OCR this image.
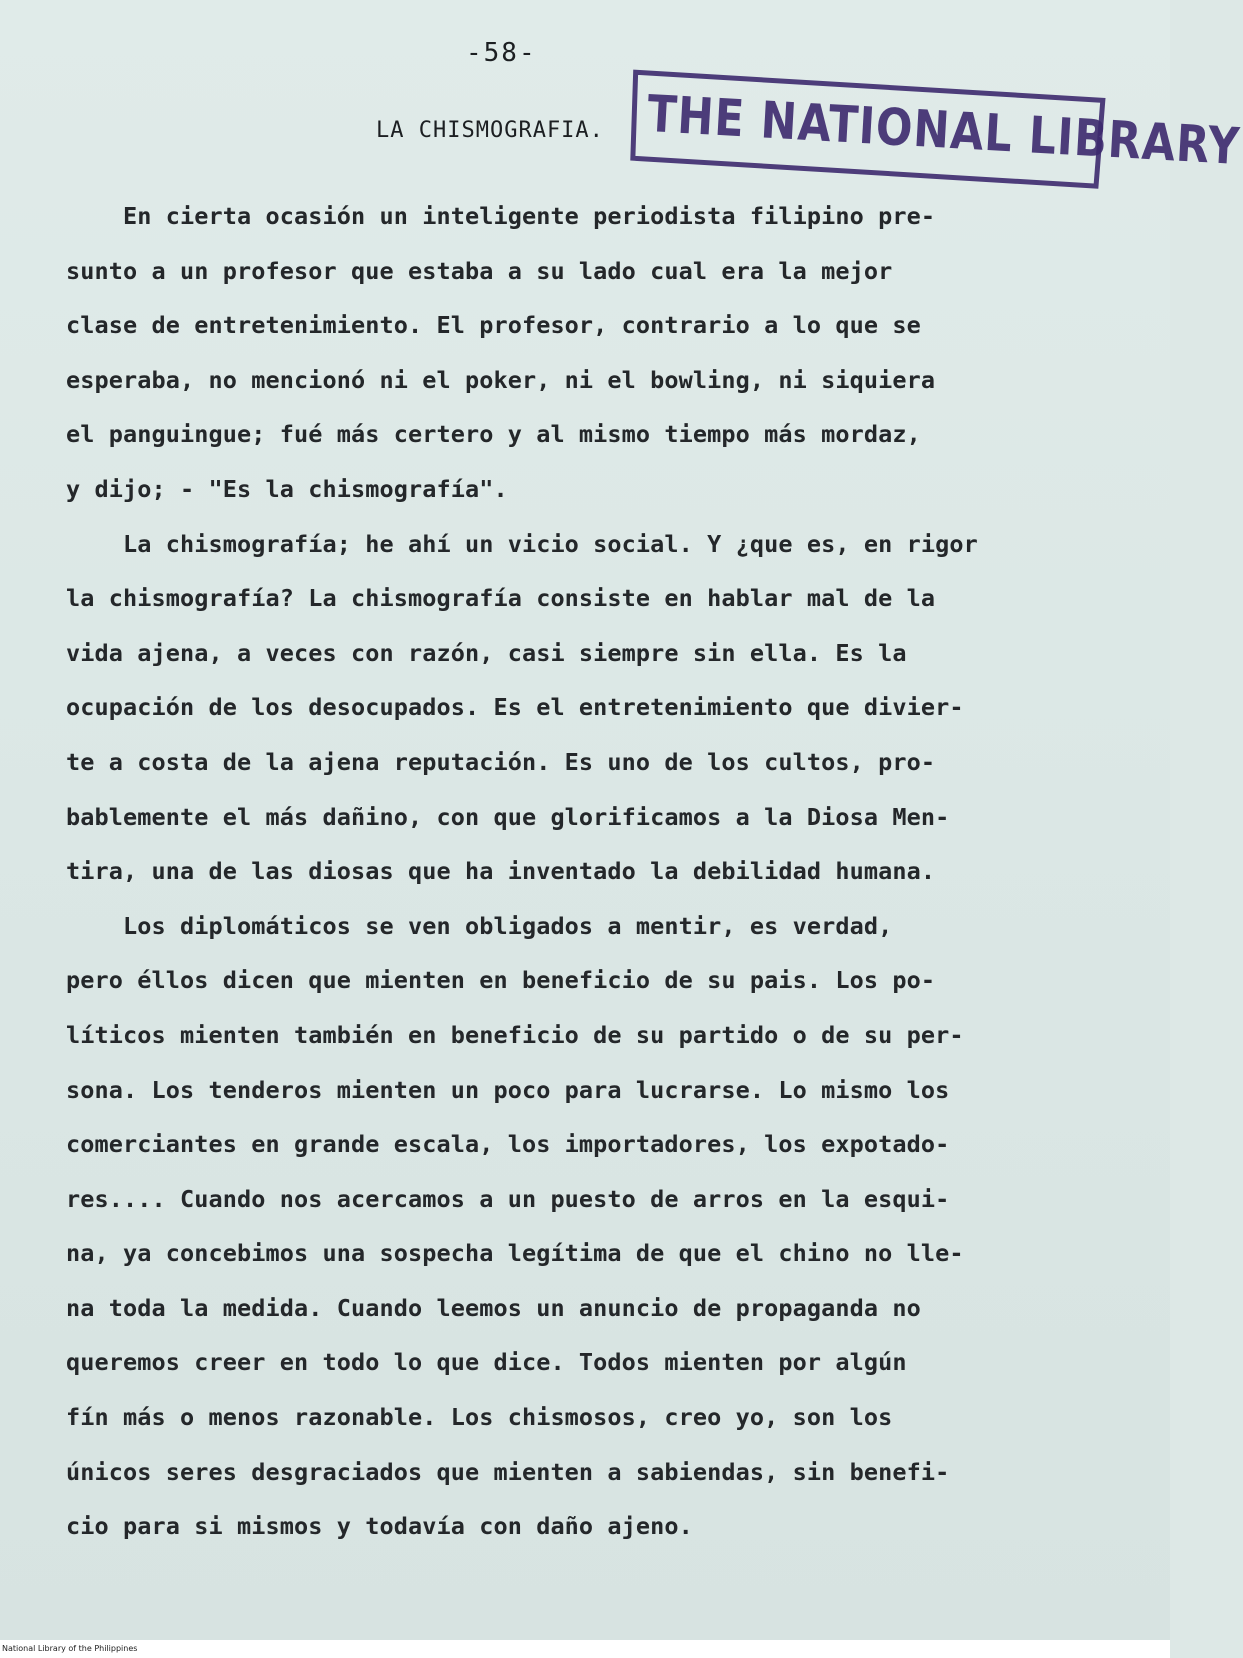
-58-
LA CHISMOGRAFIA. THE NATIONAL LIBRARY
En cierta ocasión un inteligente periodista filipino pre-
sunto a un profesor que estaba a su lado cual era la mejor
clase de entretenimiento. El profesor, contrario a lo que se
esperaba, no mencionó ni el poker, ni el bowling, ni siquiera
el panguingue; fué más certero y al mismo tiempo más mordaz,
y dijo; - "Es la chismografía".
La chismografía; he ahí un vicio social. Y ¿que es, en rigor
la chismografía? La chismografía consiste en hablar mal de la
vida ajena, a veces con razón, casi siempre sin ella. Es la
ocupación de los desocupados. Es el entretenimiento que divier-
te a costa de la ajena reputación. Es uno de los cultos, pro-
bablemente el más dañino, con que glorificamos a la Diosa Men-
tira, una de las diosas que ha inventado la debilidad humana.
Los diplomáticos se ven obligados a mentir, es verdad,
pero éllos dicen que mienten en beneficio de su pais. Los po-
líticos mienten también en beneficio de su partido o de su per-
sona. Los tenderos mienten un poco para lucrarse. Lo mismo los
comerciantes en grande escala, los importadores, los expotado-
res.... Cuando nos acercamos a un puesto de arros en la esqui-
na, ya concebimos una sospecha legítima de que el chino no lle-
na toda la medida. Cuando leemos un anuncio de propaganda no
queremos creer en todo lo que dice. Todos mienten por algún
fín más o menos razonable. Los chismosos, creo yo, son los
únicos seres desgraciados que mienten a sabiendas, sin benefi-
cio para si mismos y todavía con daño ajeno.
National Library of the Philippines
